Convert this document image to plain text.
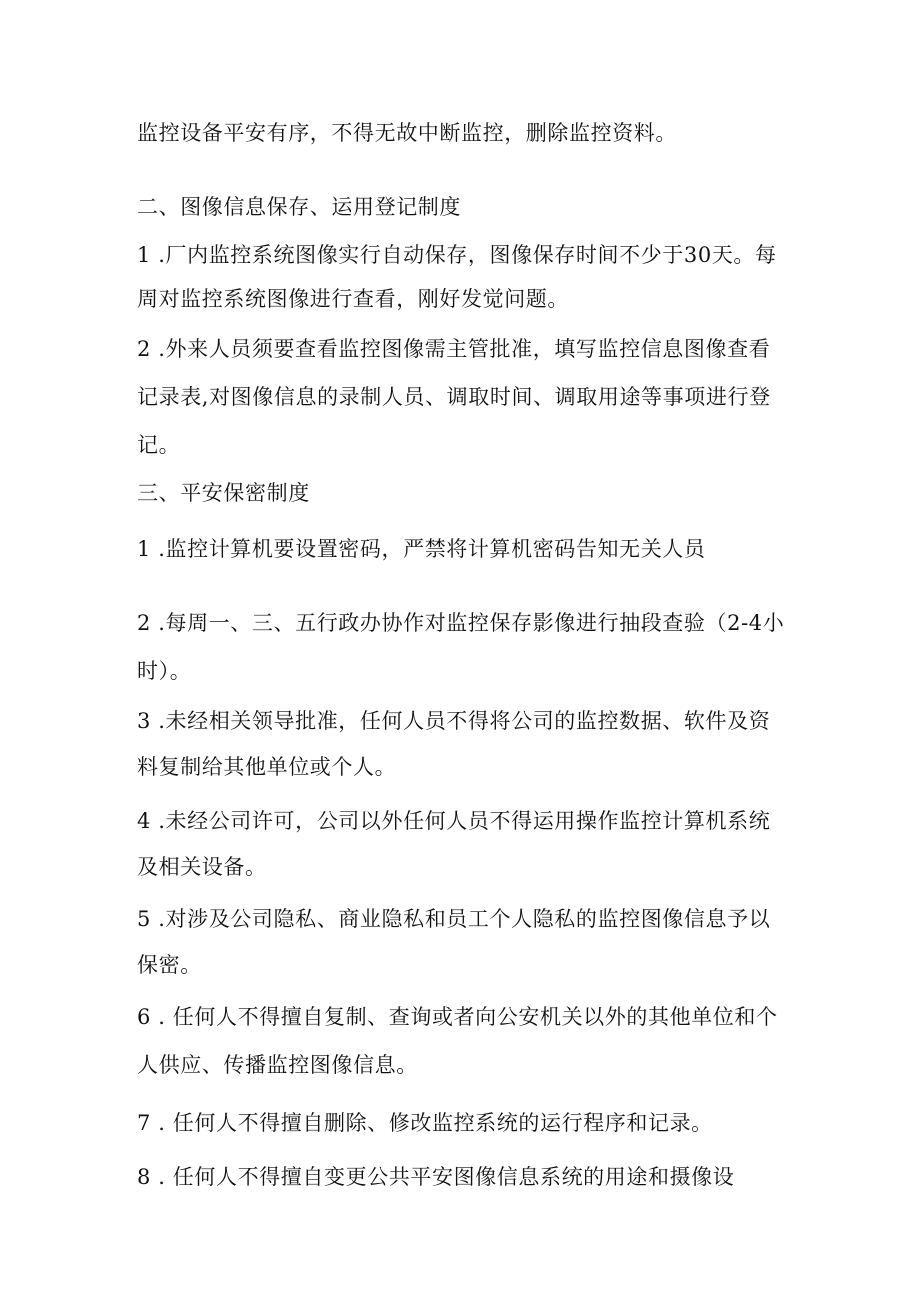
监控设备平安有序，不得无故中断监控，删除监控资料。

二、图像信息保存、运用登记制度

1 .厂内监控系统图像实行自动保存，图像保存时间不少于30天。每

周对监控系统图像进行查看，刚好发觉问题。

2 .外来人员须要查看监控图像需主管批准，填写监控信息图像查看

记录表,对图像信息的录制人员、调取时间、调取用途等事项进行登

记。

三、平安保密制度

1 .监控计算机要设置密码，严禁将计算机密码告知无关人员

2 .每周一、三、五行政办协作对监控保存影像进行抽段查验（2-4小

时）。

3 .未经相关领导批准，任何人员不得将公司的监控数据、软件及资

料复制给其他单位或个人。

4 .未经公司许可，公司以外任何人员不得运用操作监控计算机系统

及相关设备。

5 .对涉及公司隐私、商业隐私和员工个人隐私的监控图像信息予以

保密。

6 . 任何人不得擅自复制、查询或者向公安机关以外的其他单位和个

人供应、传播监控图像信息。

7 . 任何人不得擅自删除、修改监控系统的运行程序和记录。

8 . 任何人不得擅自变更公共平安图像信息系统的用途和摄像设
